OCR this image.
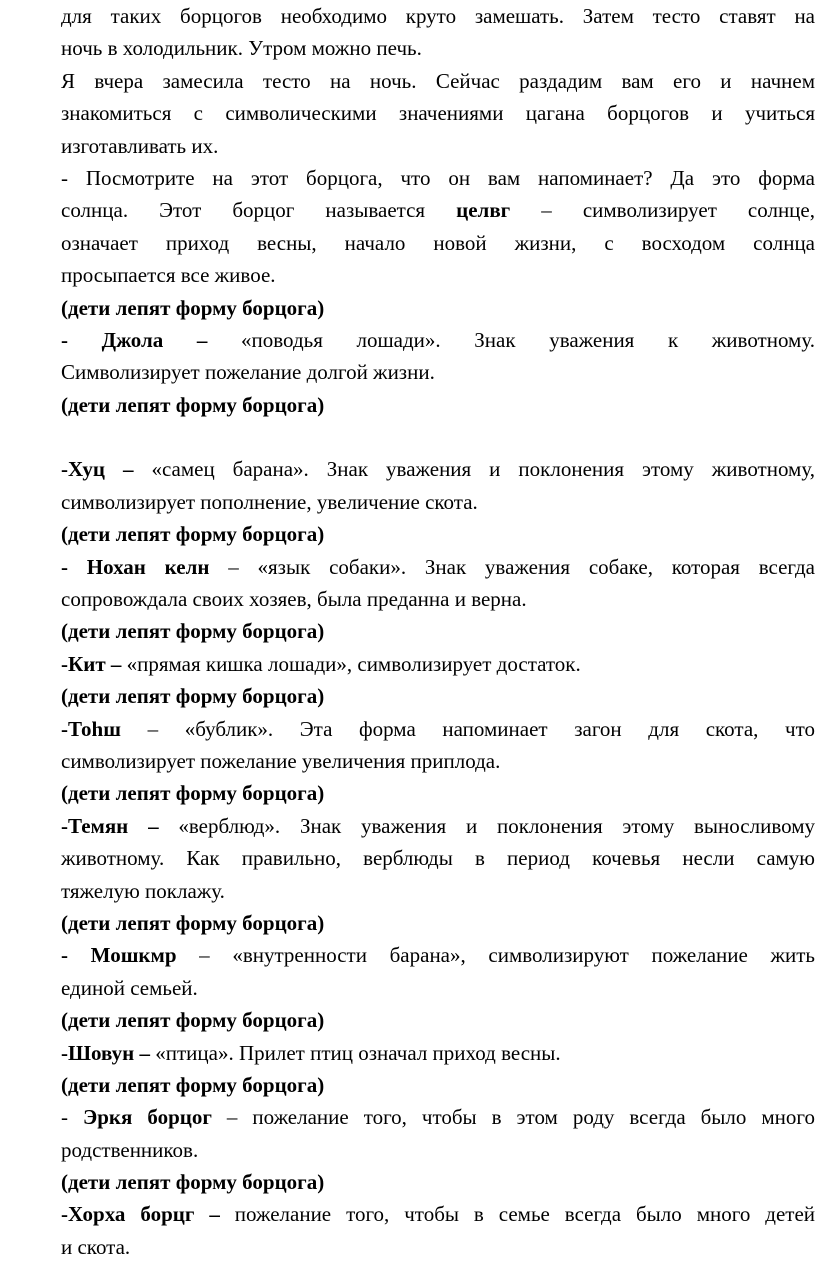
для таких борцогов необходимо круто замешать. Затем тесто ставят на
ночь в холодильник. Утром можно печь.
Я вчера замесила тесто на ночь. Сейчас раздадим вам его и начнем
знакомиться с символическими значениями цагана борцогов и учиться
изготавливать их.
- Посмотрите на этот борцога, что он вам напоминает? Да это форма
солнца. Этот борцог называется целвг – символизирует солнце,
означает приход весны, начало новой жизни, с восходом солнца
просыпается все живое.
(дети лепят форму борцога)
- Джола – «поводья лошади». Знак уважения к животному.
Символизирует пожелание долгой жизни.
(дети лепят форму борцога)
-Хуц – «самец барана». Знак уважения и поклонения этому животному,
символизирует пополнение, увеличение скота.
(дети лепят форму борцога)
- Нохан келн – «язык собаки». Знак уважения собаке, которая всегда
сопровождала своих хозяев, была преданна и верна.
(дети лепят форму борцога)
-Кит – «прямая кишка лошади», символизирует достаток.
(дети лепят форму борцога)
-Тоhш – «бублик». Эта форма напоминает загон для скота, что
символизирует пожелание увеличения приплода.
(дети лепят форму борцога)
-Темян – «верблюд». Знак уважения и поклонения этому выносливому
животному. Как правильно, верблюды в период кочевья несли самую
тяжелую поклажу.
(дети лепят форму борцога)
- Мошкмр – «внутренности барана», символизируют пожелание жить
единой семьей.
(дети лепят форму борцога)
-Шовун – «птица». Прилет птиц означал приход весны.
(дети лепят форму борцога)
- Эркя борцог – пожелание того, чтобы в этом роду всегда было много
родственников.
(дети лепят форму борцога)
-Хорха борцг – пожелание того, чтобы в семье всегда было много детей
и скота.
